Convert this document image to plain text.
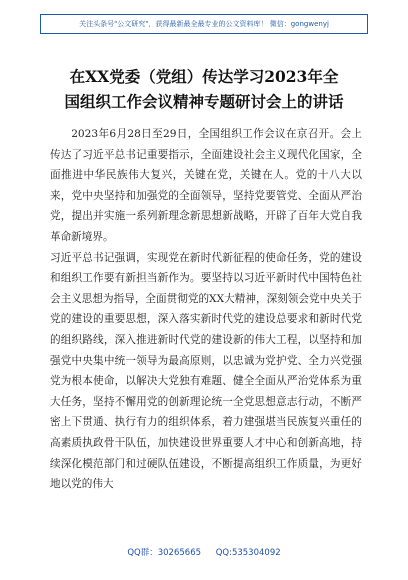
关注头条号"公文研究"，获得最新最全最专业的公文资料库！ 微信：gongwenyj
在XX党委（党组）传达学习2023年全
国组织工作会议精神专题研讨会上的讲话

2023年6月28日至29日，全国组织工作会议在京召开。会上传达了习近平总书记重要指示，全面建设社会主义现代化国家，全面推进中华民族伟大复兴，关键在党，关键在人。党的十八大以来，党中央坚持和加强党的全面领导，坚持党要管党、全面从严治党，提出并实施一系列新理念新思想新战略，开辟了百年大党自我革命新境界。

习近平总书记强调，实现党在新时代新征程的使命任务，党的建设和组织工作要有新担当新作为。要坚持以习近平新时代中国特色社会主义思想为指导，全面贯彻党的XX大精神，深刻领会党中央关于党的建设的重要思想，深入落实新时代党的建设总要求和新时代党的组织路线，深入推进新时代党的建设新的伟大工程，以坚持和加强党中央集中统一领导为最高原则，以忠诚为党护党、全力兴党强党为根本使命，以解决大党独有难题、健全全面从严治党体系为重大任务，坚持不懈用党的创新理论统一全党思想意志行动，不断严密上下贯通、执行有力的组织体系，着力建强堪当民族复兴重任的高素质执政骨干队伍，加快建设世界重要人才中心和创新高地，持续深化模范部门和过硬队伍建设，不断提高组织工作质量，为更好地以党的伟大

QQ群：30265665 QQ:535304092
